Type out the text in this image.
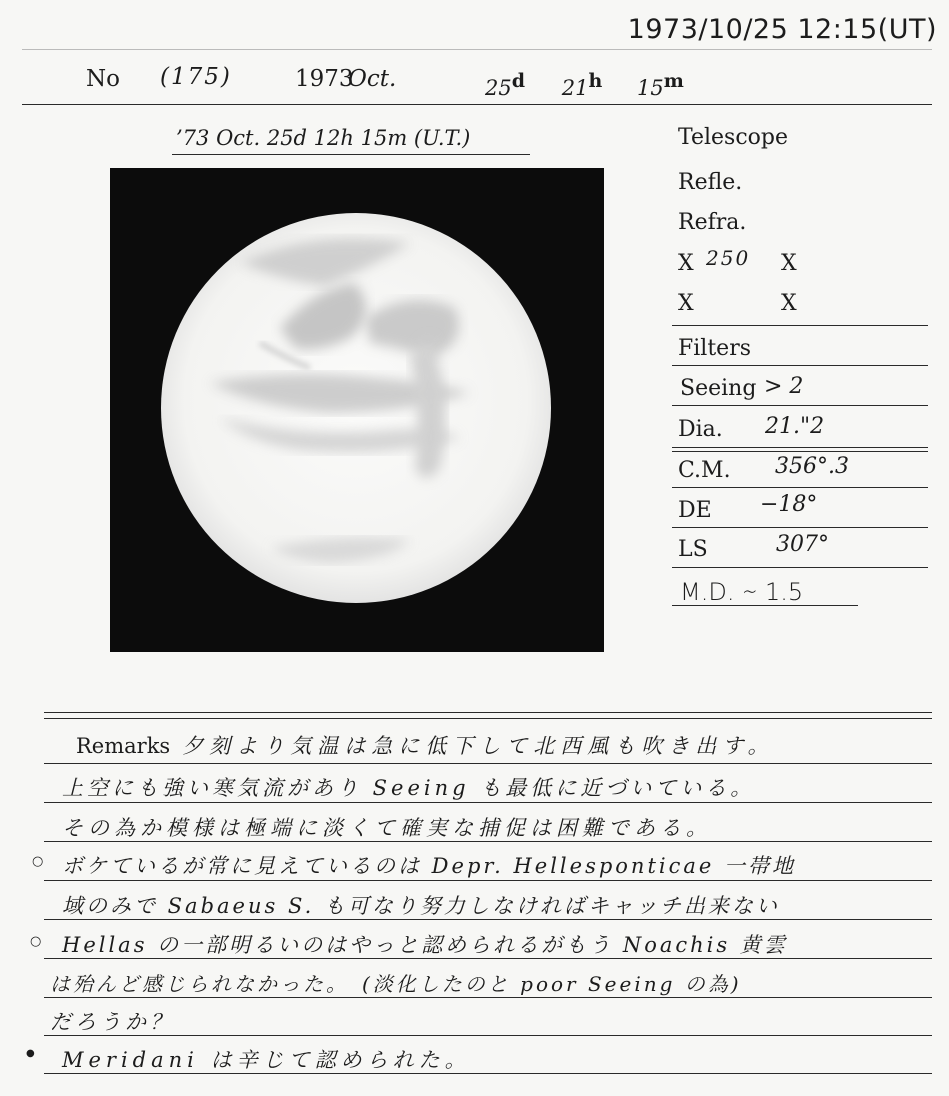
1973/10/25 12:15(UT)
No (175)	1973
Oct.	25$^d$ 21$^h$ 15$^m$
’73 Oct. 25d 12h 15m (U.T.)	Telescope
Refle.
Refra.
X 250 X
X	X
Filters
Seeing > 2
Dia. 21."2
C.M. 356°.3
DE −18°
LS	307°
M.D. ∼ 1.5
Remarks 夕刻より気温は急に低下して北西風も吹き出す。
上空にも強い寒気流があり Seeing も最低に近づいている。
その為か模様は極端に淡くて確実な捕促は困難である。
○ ボケているが常に見えているのは Depr. Hellesponticae 一帯地
域のみで Sabaeus S. も可なり努力しなければキャッチ出来ない
○ Hellas の一部明るいのはやっと認められるがもう Noachis 黄雲
は殆んど感じられなかった。　(淡化したのと poor Seeing の為)
だろうか？
● Meridani は辛じて認められた。
